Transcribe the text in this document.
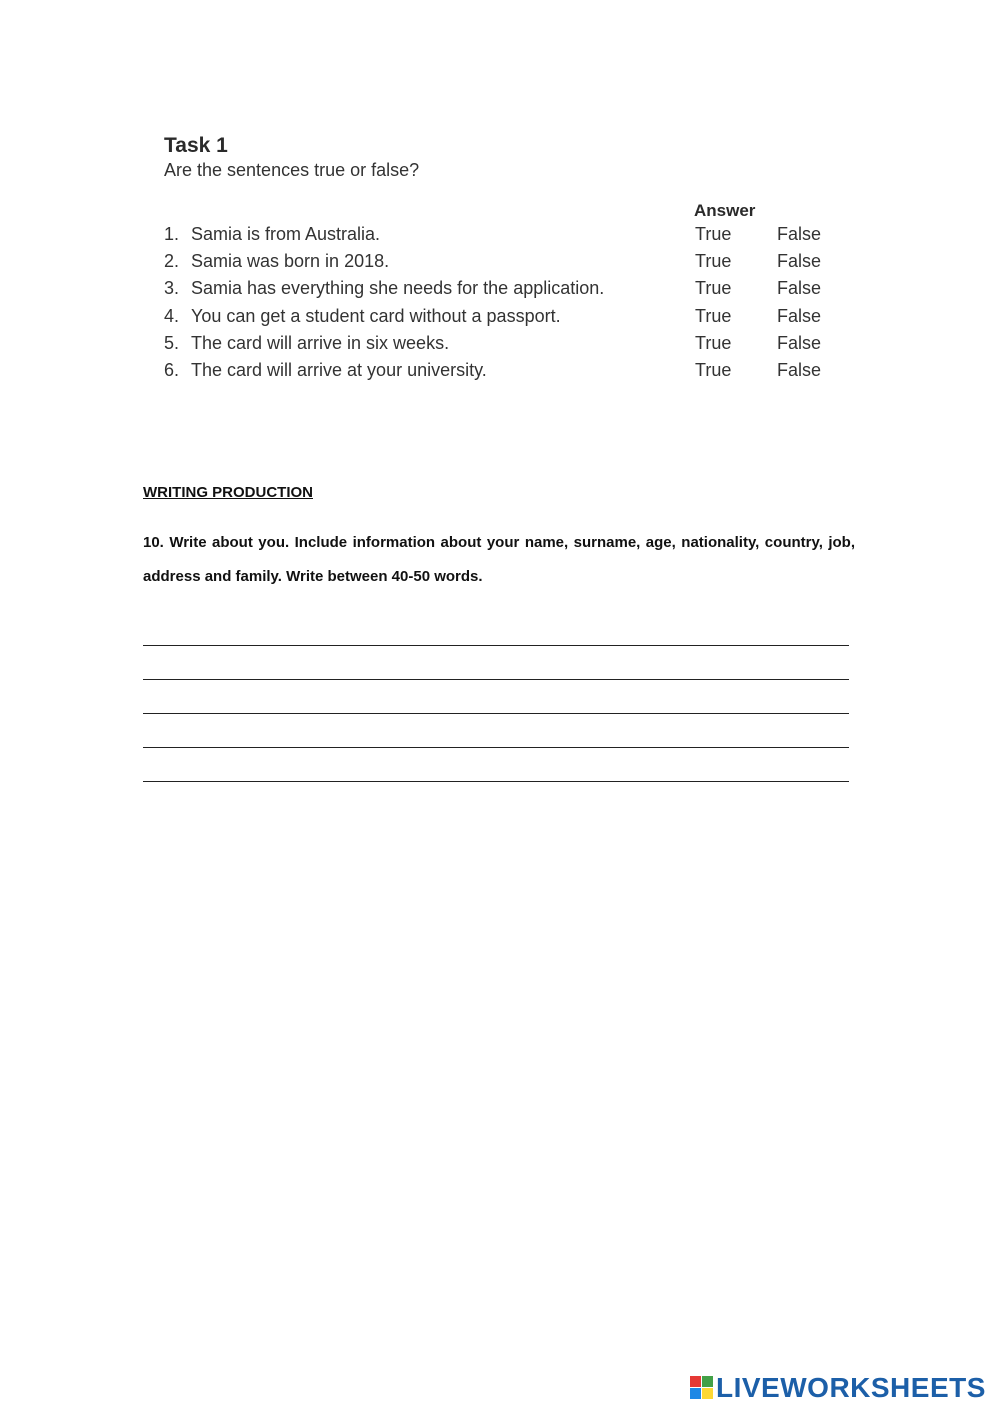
Task 1
Are the sentences true or false?
Answer
1. Samia is from Australia.	True	False
2. Samia was born in 2018.	True	False
3. Samia has everything she needs for the application.	True	False
4. You can get a student card without a passport.	True	False
5. The card will arrive in six weeks.	True	False
6. The card will arrive at your university.	True	False
WRITING PRODUCTION
10. Write about you. Include information about your name, surname, age, nationality, country, job, address and family. Write between 40-50 words.
LIVEWORKSHEETS
